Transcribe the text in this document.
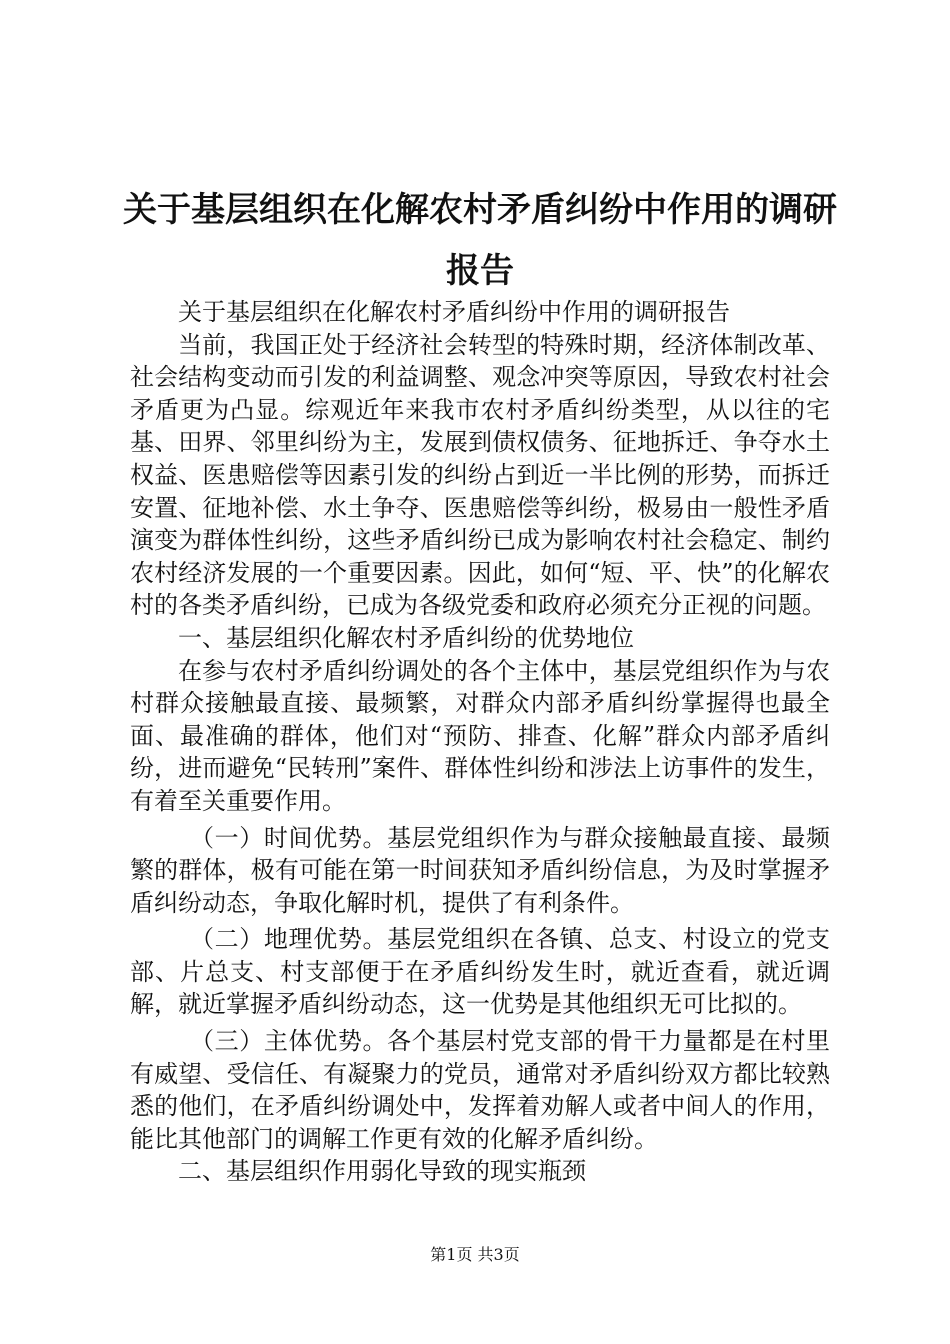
关于基层组织在化解农村矛盾纠纷中作用的调研报告

关于基层组织在化解农村矛盾纠纷中作用的调研报告

当前，我国正处于经济社会转型的特殊时期，经济体制改革、社会结构变动而引发的利益调整、观念冲突等原因，导致农村社会矛盾更为凸显。综观近年来我市农村矛盾纠纷类型，从以往的宅基、田界、邻里纠纷为主，发展到债权债务、征地拆迁、争夺水土权益、医患赔偿等因素引发的纠纷占到近一半比例的形势，而拆迁安置、征地补偿、水土争夺、医患赔偿等纠纷，极易由一般性矛盾演变为群体性纠纷，这些矛盾纠纷已成为影响农村社会稳定、制约农村经济发展的一个重要因素。因此，如何“短、平、快”的化解农村的各类矛盾纠纷，已成为各级党委和政府必须充分正视的问题。

一、基层组织化解农村矛盾纠纷的优势地位

在参与农村矛盾纠纷调处的各个主体中，基层党组织作为与农村群众接触最直接、最频繁，对群众内部矛盾纠纷掌握得也最全面、最准确的群体，他们对“预防、排查、化解”群众内部矛盾纠纷，进而避免“民转刑”案件、群体性纠纷和涉法上访事件的发生，有着至关重要作用。

（一）时间优势。基层党组织作为与群众接触最直接、最频繁的群体，极有可能在第一时间获知矛盾纠纷信息，为及时掌握矛盾纠纷动态，争取化解时机，提供了有利条件。

（二）地理优势。基层党组织在各镇、总支、村设立的党支部、片总支、村支部便于在矛盾纠纷发生时，就近查看，就近调解，就近掌握矛盾纠纷动态，这一优势是其他组织无可比拟的。

（三）主体优势。各个基层村党支部的骨干力量都是在村里有威望、受信任、有凝聚力的党员，通常对矛盾纠纷双方都比较熟悉的他们，在矛盾纠纷调处中，发挥着劝解人或者中间人的作用，能比其他部门的调解工作更有效的化解矛盾纠纷。

二、基层组织作用弱化导致的现实瓶颈

第1页 共3页
